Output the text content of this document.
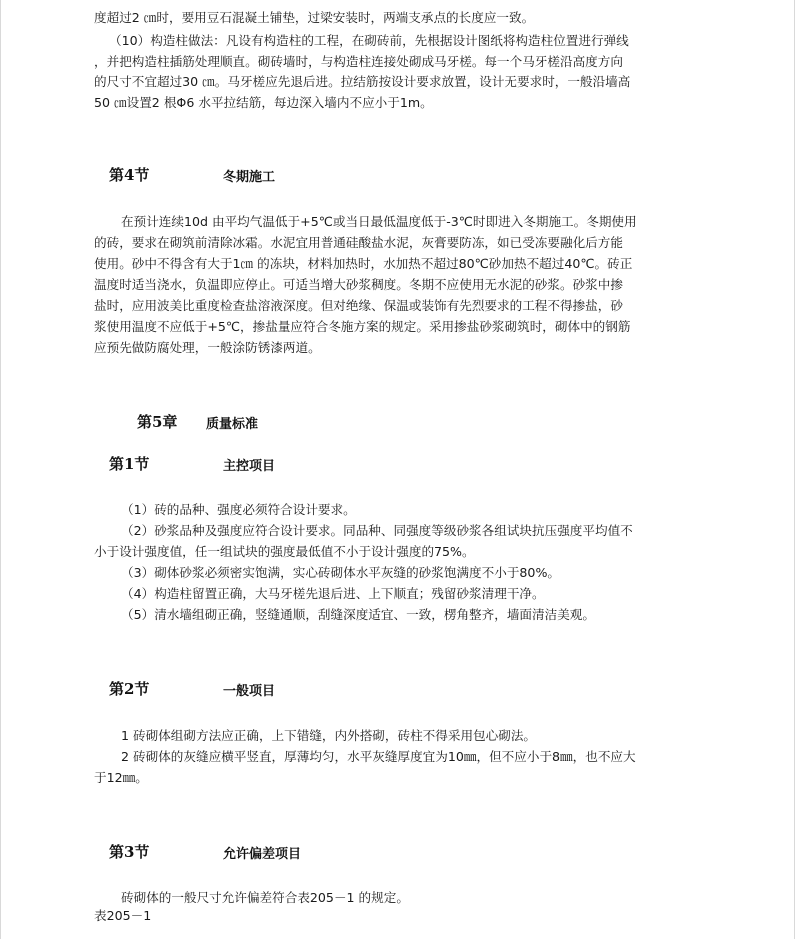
度超过2 ㎝时，要用豆石混凝土铺垫，过梁安装时，两端支承点的长度应一致。

（10）构造柱做法：凡设有构造柱的工程，在砌砖前，先根据设计图纸将构造柱位置进行弹线

，并把构造柱插筋处理顺直。砌砖墙时，与构造柱连接处砌成马牙槎。每一个马牙槎沿高度方向

的尺寸不宜超过30 ㎝。马牙槎应先退后进。拉结筋按设计要求放置，设计无要求时，一般沿墙高

50 ㎝设置2 根Φ6 水平拉结筋，每边深入墙内不应小于1m。

第4节	冬期施工

在预计连续10d 由平均气温低于+5℃或当日最低温度低于-3℃时即进入冬期施工。冬期使用

的砖，要求在砌筑前清除冰霜。水泥宜用普通硅酸盐水泥，灰膏要防冻，如已受冻要融化后方能

使用。砂中不得含有大于1㎝ 的冻块，材料加热时，水加热不超过80℃砂加热不超过40℃。砖正

温度时适当浇水，负温即应停止。可适当增大砂浆稠度。冬期不应使用无水泥的砂浆。砂浆中掺

盐时，应用波美比重度检查盐溶液深度。但对绝缘、保温或装饰有先烈要求的工程不得掺盐，砂

浆使用温度不应低于+5℃，掺盐量应符合冬施方案的规定。采用掺盐砂浆砌筑时，砌体中的钢筋

应预先做防腐处理，一般涂防锈漆两道。

第5章 质量标准
第1节	主控项目

（1）砖的品种、强度必须符合设计要求。

（2）砂浆品种及强度应符合设计要求。同品种、同强度等级砂浆各组试块抗压强度平均值不

小于设计强度值，任一组试块的强度最低值不小于设计强度的75%。

（3）砌体砂浆必须密实饱满，实心砖砌体水平灰缝的砂浆饱满度不小于80%。

（4）构造柱留置正确，大马牙槎先退后进、上下顺直；残留砂浆清理干净。

（5）清水墙组砌正确，竖缝通顺，刮缝深度适宜、一致，楞角整齐，墙面清洁美观。

第2节	一般项目

1 砖砌体组砌方法应正确，上下错缝，内外搭砌，砖柱不得采用包心砌法。

2 砖砌体的灰缝应横平竖直，厚薄均匀，水平灰缝厚度宜为10㎜，但不应小于8㎜，也不应大

于12㎜。

第3节	允许偏差项目

砖砌体的一般尺寸允许偏差符合表205－1 的规定。

表205－1
